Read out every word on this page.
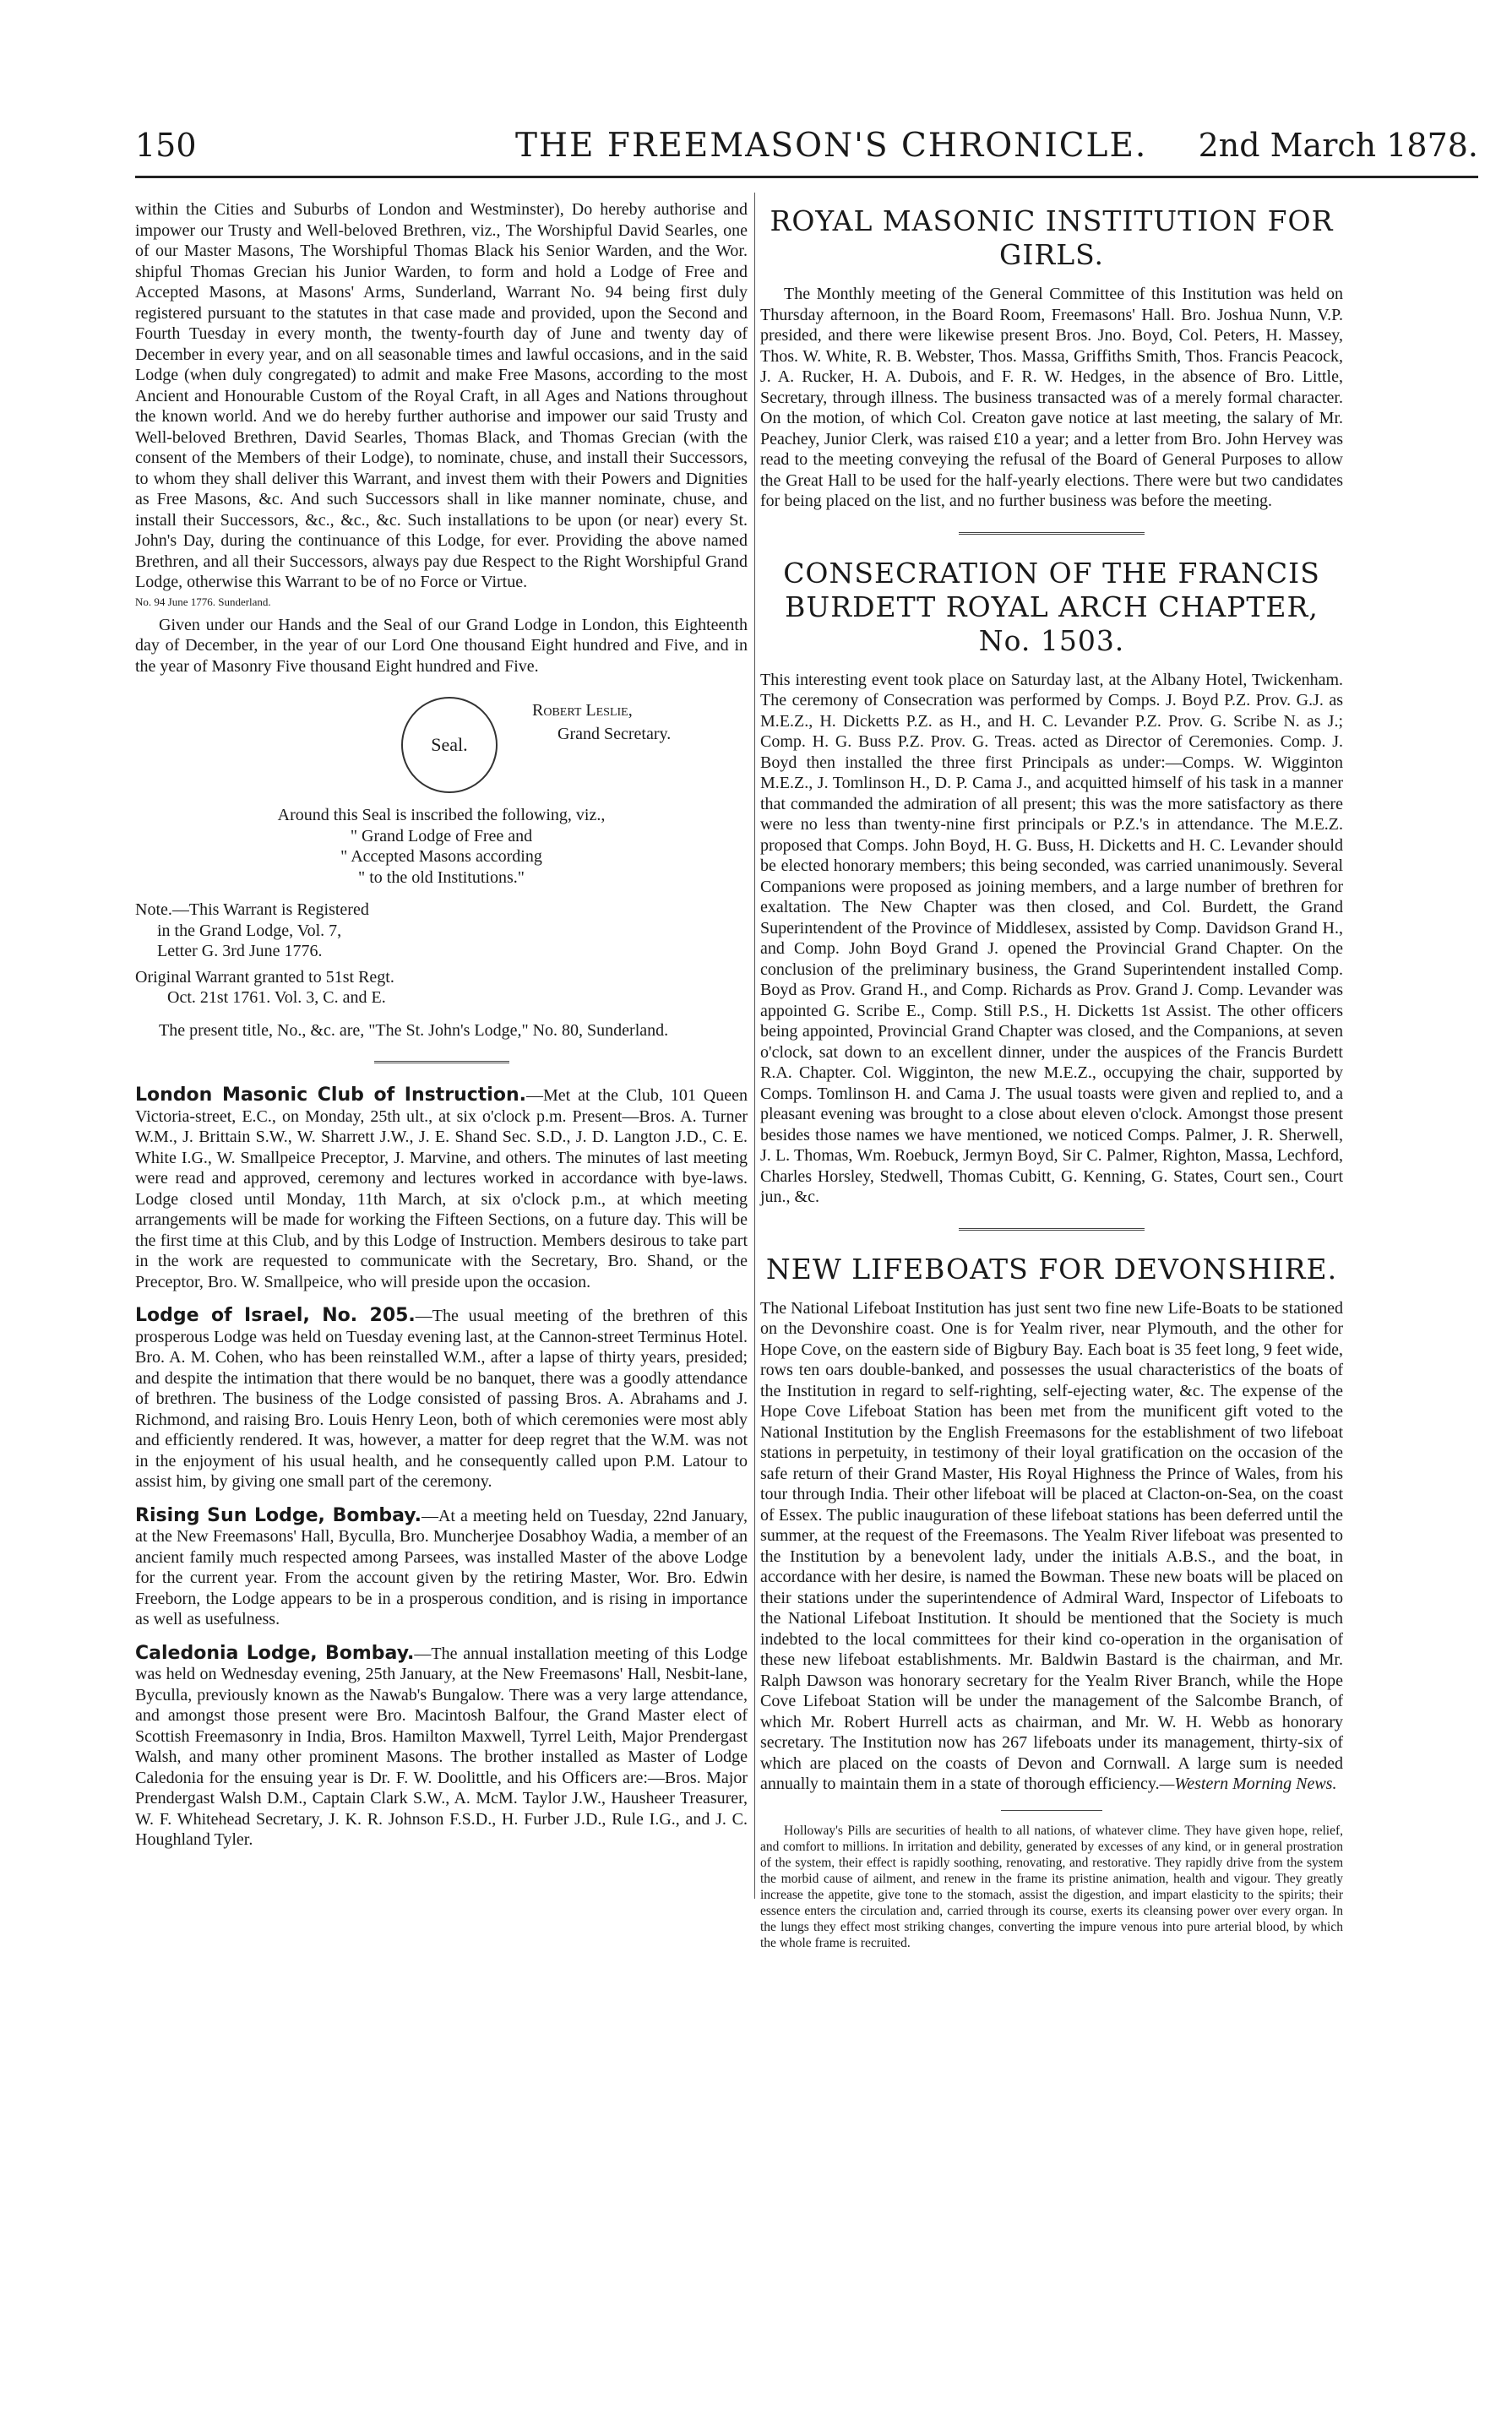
150	THE FREEMASON'S CHRONICLE. 2nd March 1878.

within the Cities and Suburbs of London and Westminster), Do hereby authorise and impower our Trusty and Well-beloved Brethren, viz., The Worshipful David Searles, one of our Master Masons, The Worshipful Thomas Black his Senior Warden, and the Wor. shipful Thomas Grecian his Junior Warden, to form and hold a Lodge of Free and Accepted Masons, at Masons' Arms, Sunderland, Warrant No. 94 being first duly registered pursuant to the statutes in that case made and provided, upon the Second and Fourth Tuesday in every month, the twenty-fourth day of June and twenty day of December in every year, and on all seasonable times and lawful occasions, and in the said Lodge (when duly congregated) to admit and make Free Masons, according to the most Ancient and Honourable Custom of the Royal Craft, in all Ages and Nations throughout the known world. And we do hereby further authorise and impower our said Trusty and Well-beloved Brethren, David Searles, Thomas Black, and Thomas Grecian (with the consent of the Members of their Lodge), to nominate, chuse, and install their Successors, to whom they shall deliver this Warrant, and invest them with their Powers and Dignities as Free Masons, &c. And such Successors shall in like manner nominate, chuse, and install their Successors, &c., &c., &c. Such installations to be upon (or near) every St. John's Day, during the continuance of this Lodge, for ever. Providing the above named Brethren, and all their Successors, always pay due Respect to the Right Worshipful Grand Lodge, otherwise this Warrant to be of no Force or Virtue.

No. 94 June 1776. Sunderland.

Given under our Hands and the Seal of our Grand Lodge in London, this Eighteenth day of December, in the year of our Lord One thousand Eight hundred and Five, and in the year of Masonry Five thousand Eight hundred and Five.

Seal.
Robert Leslie,
Grand Secretary.
Around this Seal is inscribed the following, viz.,
" Grand Lodge of Free and
" Accepted Masons according
" to the old Institutions."
Note.—This Warrant is Registered
in the Grand Lodge, Vol. 7,
Letter G. 3rd June 1776.
Original Warrant granted to 51st Regt.
Oct. 21st 1761. Vol. 3, C. and E.

The present title, No., &c. are, "The St. John's Lodge," No. 80, Sunderland.

London Masonic Club of Instruction.—Met at the Club, 101 Queen Victoria-street, E.C., on Monday, 25th ult., at six o'clock p.m. Present—Bros. A. Turner W.M., J. Brittain S.W., W. Sharrett J.W., J. E. Shand Sec. S.D., J. D. Langton J.D., C. E. White I.G., W. Smallpeice Preceptor, J. Marvine, and others. The minutes of last meeting were read and approved, ceremony and lectures worked in accordance with bye-laws. Lodge closed until Monday, 11th March, at six o'clock p.m., at which meeting arrangements will be made for working the Fifteen Sections, on a future day. This will be the first time at this Club, and by this Lodge of Instruction. Members desirous to take part in the work are requested to communicate with the Secretary, Bro. Shand, or the Preceptor, Bro. W. Smallpeice, who will preside upon the occasion.

Lodge of Israel, No. 205.—The usual meeting of the brethren of this prosperous Lodge was held on Tuesday evening last, at the Cannon-street Terminus Hotel. Bro. A. M. Cohen, who has been reinstalled W.M., after a lapse of thirty years, presided; and despite the intimation that there would be no banquet, there was a goodly attendance of brethren. The business of the Lodge consisted of passing Bros. A. Abrahams and J. Richmond, and raising Bro. Louis Henry Leon, both of which ceremonies were most ably and efficiently rendered. It was, however, a matter for deep regret that the W.M. was not in the enjoyment of his usual health, and he consequently called upon P.M. Latour to assist him, by giving one small part of the ceremony.

Rising Sun Lodge, Bombay.—At a meeting held on Tuesday, 22nd January, at the New Freemasons' Hall, Byculla, Bro. Muncherjee Dosabhoy Wadia, a member of an ancient family much respected among Parsees, was installed Master of the above Lodge for the current year. From the account given by the retiring Master, Wor. Bro. Edwin Freeborn, the Lodge appears to be in a prosperous condition, and is rising in importance as well as usefulness.

Caledonia Lodge, Bombay.—The annual installation meeting of this Lodge was held on Wednesday evening, 25th January, at the New Freemasons' Hall, Nesbit-lane, Byculla, previously known as the Nawab's Bungalow. There was a very large attendance, and amongst those present were Bro. Macintosh Balfour, the Grand Master elect of Scottish Freemasonry in India, Bros. Hamilton Maxwell, Tyrrel Leith, Major Prendergast Walsh, and many other prominent Masons. The brother installed as Master of Lodge Caledonia for the ensuing year is Dr. F. W. Doolittle, and his Officers are:—Bros. Major Prendergast Walsh D.M., Captain Clark S.W., A. McM. Taylor J.W., Hausheer Treasurer, W. F. Whitehead Secretary, J. K. R. Johnson F.S.D., H. Furber J.D., Rule I.G., and J. C. Houghland Tyler.

ROYAL MASONIC INSTITUTION FOR GIRLS.

The Monthly meeting of the General Committee of this Institution was held on Thursday afternoon, in the Board Room, Freemasons' Hall. Bro. Joshua Nunn, V.P. presided, and there were likewise present Bros. Jno. Boyd, Col. Peters, H. Massey, Thos. W. White, R. B. Webster, Thos. Massa, Griffiths Smith, Thos. Francis Peacock, J. A. Rucker, H. A. Dubois, and F. R. W. Hedges, in the absence of Bro. Little, Secretary, through illness. The business transacted was of a merely formal character. On the motion, of which Col. Creaton gave notice at last meeting, the salary of Mr. Peachey, Junior Clerk, was raised £10 a year; and a letter from Bro. John Hervey was read to the meeting conveying the refusal of the Board of General Purposes to allow the Great Hall to be used for the half-yearly elections. There were but two candidates for being placed on the list, and no further business was before the meeting.

CONSECRATION OF THE FRANCIS BURDETT ROYAL ARCH CHAPTER, No. 1503.

This interesting event took place on Saturday last, at the Albany Hotel, Twickenham. The ceremony of Consecration was performed by Comps. J. Boyd P.Z. Prov. G.J. as M.E.Z., H. Dicketts P.Z. as H., and H. C. Levander P.Z. Prov. G. Scribe N. as J.; Comp. H. G. Buss P.Z. Prov. G. Treas. acted as Director of Ceremonies. Comp. J. Boyd then installed the three first Principals as under:—Comps. W. Wigginton M.E.Z., J. Tomlinson H., D. P. Cama J., and acquitted himself of his task in a manner that commanded the admiration of all present; this was the more satisfactory as there were no less than twenty-nine first principals or P.Z.'s in attendance. The M.E.Z. proposed that Comps. John Boyd, H. G. Buss, H. Dicketts and H. C. Levander should be elected honorary members; this being seconded, was carried unanimously. Several Companions were proposed as joining members, and a large number of brethren for exaltation. The New Chapter was then closed, and Col. Burdett, the Grand Superintendent of the Province of Middlesex, assisted by Comp. Davidson Grand H., and Comp. John Boyd Grand J. opened the Provincial Grand Chapter. On the conclusion of the preliminary business, the Grand Superintendent installed Comp. Boyd as Prov. Grand H., and Comp. Richards as Prov. Grand J. Comp. Levander was appointed G. Scribe E., Comp. Still P.S., H. Dicketts 1st Assist. The other officers being appointed, Provincial Grand Chapter was closed, and the Companions, at seven o'clock, sat down to an excellent dinner, under the auspices of the Francis Burdett R.A. Chapter. Col. Wigginton, the new M.E.Z., occupying the chair, supported by Comps. Tomlinson H. and Cama J. The usual toasts were given and replied to, and a pleasant evening was brought to a close about eleven o'clock. Amongst those present besides those names we have mentioned, we noticed Comps. Palmer, J. R. Sherwell, J. L. Thomas, Wm. Roebuck, Jermyn Boyd, Sir C. Palmer, Righton, Massa, Lechford, Charles Horsley, Stedwell, Thomas Cubitt, G. Kenning, G. States, Court sen., Court jun., &c.

NEW LIFEBOATS FOR DEVONSHIRE.

The National Lifeboat Institution has just sent two fine new Life-Boats to be stationed on the Devonshire coast. One is for Yealm river, near Plymouth, and the other for Hope Cove, on the eastern side of Bigbury Bay. Each boat is 35 feet long, 9 feet wide, rows ten oars double-banked, and possesses the usual characteristics of the boats of the Institution in regard to self-righting, self-ejecting water, &c. The expense of the Hope Cove Lifeboat Station has been met from the munificent gift voted to the National Institution by the English Freemasons for the establishment of two lifeboat stations in perpetuity, in testimony of their loyal gratification on the occasion of the safe return of their Grand Master, His Royal Highness the Prince of Wales, from his tour through India. Their other lifeboat will be placed at Clacton-on-Sea, on the coast of Essex. The public inauguration of these lifeboat stations has been deferred until the summer, at the request of the Freemasons. The Yealm River lifeboat was presented to the Institution by a benevolent lady, under the initials A.B.S., and the boat, in accordance with her desire, is named the Bowman. These new boats will be placed on their stations under the superintendence of Admiral Ward, Inspector of Lifeboats to the National Lifeboat Institution. It should be mentioned that the Society is much indebted to the local committees for their kind co-operation in the organisation of these new lifeboat establishments. Mr. Baldwin Bastard is the chairman, and Mr. Ralph Dawson was honorary secretary for the Yealm River Branch, while the Hope Cove Lifeboat Station will be under the management of the Salcombe Branch, of which Mr. Robert Hurrell acts as chairman, and Mr. W. H. Webb as honorary secretary. The Institution now has 267 lifeboats under its management, thirty-six of which are placed on the coasts of Devon and Cornwall. A large sum is needed annually to maintain them in a state of thorough efficiency.—Western Morning News.

Holloway's Pills are securities of health to all nations, of whatever clime. They have given hope, relief, and comfort to millions. In irritation and debility, generated by excesses of any kind, or in general prostration of the system, their effect is rapidly soothing, renovating, and restorative. They rapidly drive from the system the morbid cause of ailment, and renew in the frame its pristine animation, health and vigour. They greatly increase the appetite, give tone to the stomach, assist the digestion, and impart elasticity to the spirits; their essence enters the circulation and, carried through its course, exerts its cleansing power over every organ. In the lungs they effect most striking changes, converting the impure venous into pure arterial blood, by which the whole frame is recruited.
